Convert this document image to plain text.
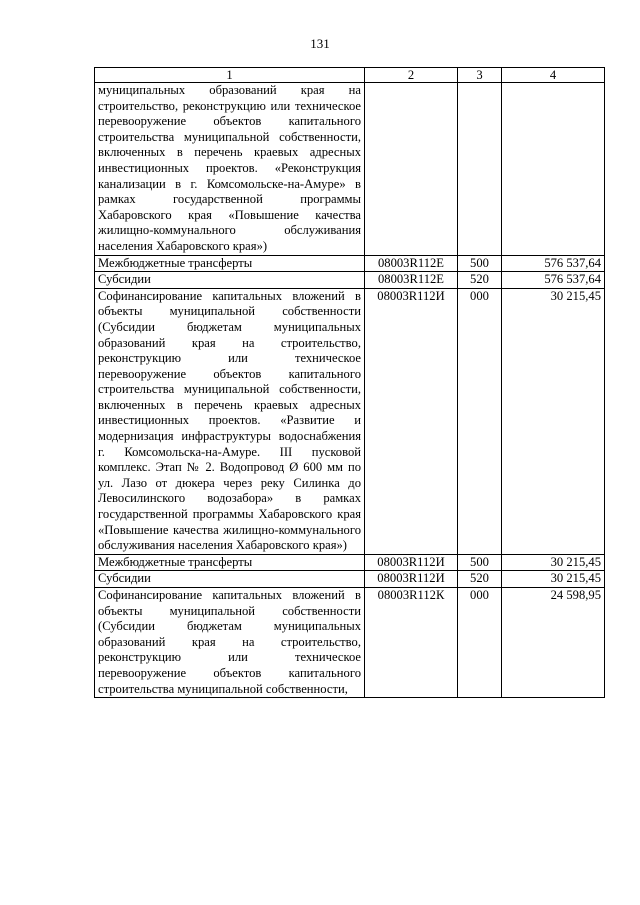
131
1	2	3	4
муниципальных образований края на строительство, реконструкцию или техническое перевооружение объектов капитального строительства муниципальной собственности, включенных в перечень краевых адресных инвестиционных проектов. «Реконструкция канализации в г. Комсомольске-на-Амуре» в рамках государственной программы Хабаровского края «Повышение качества жилищно-коммунального обслуживания населения Хабаровского края»)			
Межбюджетные трансферты	08003R112Е	500	576 537,64
Субсидии	08003R112Е	520	576 537,64
Софинансирование капитальных вложений в объекты муниципальной собственности (Субсидии бюджетам муниципальных образований края на строительство, реконструкцию или техническое перевооружение объектов капитального строительства муниципальной собственности, включенных в перечень краевых адресных инвестиционных проектов. «Развитие и модернизация инфраструктуры водоснабжения г. Комсомольска-на-Амуре. III пусковой комплекс. Этап № 2. Водопровод Ø 600 мм по ул. Лазо от дюкера через реку Силинка до Левосилинского водозабора» в рамках государственной программы Хабаровского края «Повышение качества жилищно-коммунального обслуживания населения Хабаровского края»)	08003R112И	000	30 215,45
Межбюджетные трансферты	08003R112И	500	30 215,45
Субсидии	08003R112И	520	30 215,45
Софинансирование капитальных вложений в объекты муниципальной собственности (Субсидии бюджетам муниципальных образований края на строительство, реконструкцию или техническое перевооружение объектов капитального строительства муниципальной собственности,	08003R112К	000	24 598,95
